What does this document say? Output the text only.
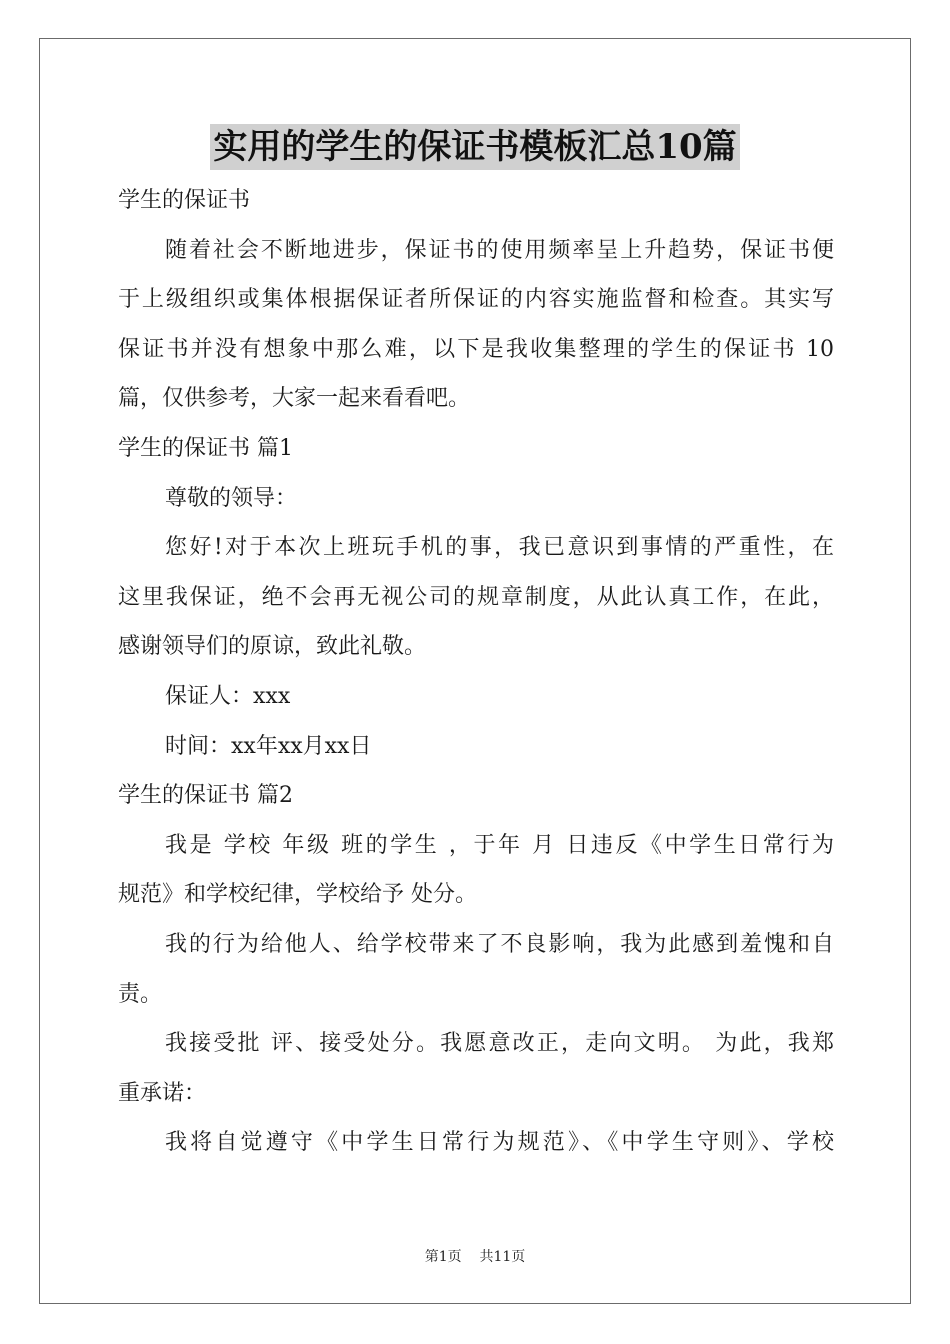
实用的学生的保证书模板汇总10篇
学生的保证书
随着社会不断地进步，保证书的使用频率呈上升趋势，保证书便
于上级组织或集体根据保证者所保证的内容实施监督和检查。其实写
保证书并没有想象中那么难，以下是我收集整理的学生的保证书 10
篇，仅供参考，大家一起来看看吧。
学生的保证书 篇1
尊敬的领导：
您好!对于本次上班玩手机的事，我已意识到事情的严重性，在
这里我保证，绝不会再无视公司的规章制度，从此认真工作，在此，
感谢领导们的原谅，致此礼敬。
保证人：xxx
时间：xx年xx月xx日
学生的保证书 篇2
我是 学校 年级 班的学生 ，于年 月 日违反《中学生日常行为
规范》和学校纪律，学校给予 处分。
我的行为给他人、给学校带来了不良影响，我为此感到羞愧和自
责。
我接受批 评、接受处分。我愿意改正，走向文明。 为此，我郑
重承诺：
我将自觉遵守《中学生日常行为规范》、《中学生守则》、学校
第1页 共11页
